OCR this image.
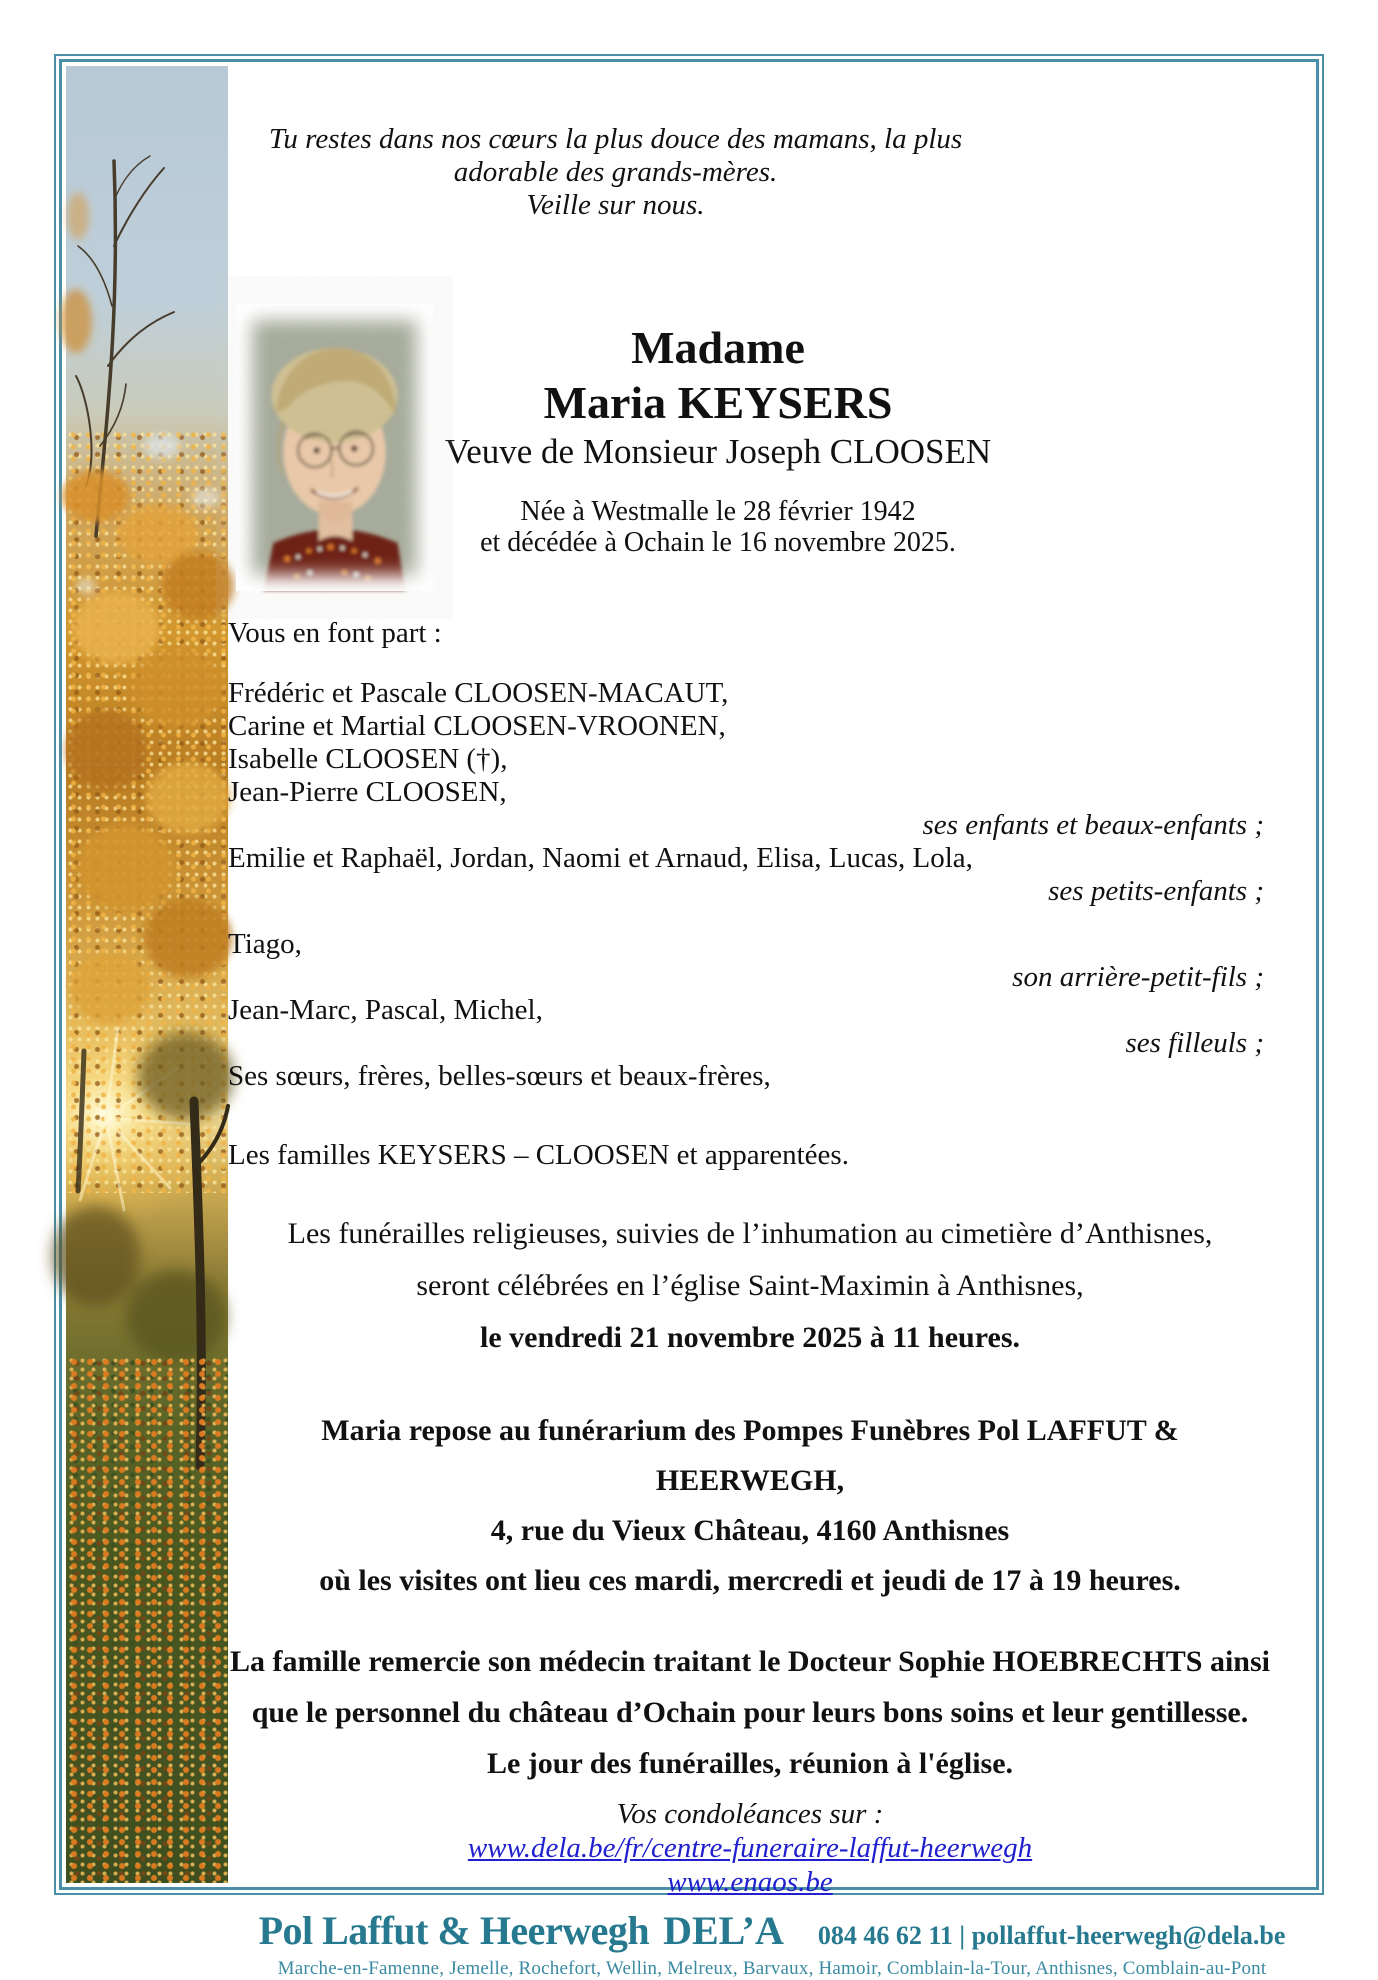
Tu restes dans nos cœurs la plus douce des mamans, la plus adorable des grands-mères.
Veille sur nous.
Madame
Maria KEYSERS
Veuve de Monsieur Joseph CLOOSEN
Née à Westmalle le 28 février 1942
et décédée à Ochain le 16 novembre 2025.
Vous en font part :
Frédéric et Pascale CLOOSEN-MACAUT,
Carine et Martial CLOOSEN-VROONEN,
Isabelle CLOOSEN (†),
Jean-Pierre CLOOSEN,
ses enfants et beaux-enfants ;
Emilie et Raphaël, Jordan, Naomi et Arnaud, Elisa, Lucas, Lola,
ses petits-enfants ;
Tiago,
son arrière-petit-fils ;
Jean-Marc, Pascal, Michel,
ses filleuls ;
Ses sœurs, frères, belles-sœurs et beaux-frères,
Les familles KEYSERS – CLOOSEN et apparentées.
Les funérailles religieuses, suivies de l’inhumation au cimetière d’Anthisnes,
seront célébrées en l’église Saint-Maximin à Anthisnes,
le vendredi 21 novembre 2025 à 11 heures.
Maria repose au funérarium des Pompes Funèbres Pol LAFFUT & HEERWEGH,
4, rue du Vieux Château, 4160 Anthisnes
où les visites ont lieu ces mardi, mercredi et jeudi de 17 à 19 heures.
La famille remercie son médecin traitant le Docteur Sophie HOEBRECHTS ainsi
que le personnel du château d’Ochain pour leurs bons soins et leur gentillesse.
Le jour des funérailles, réunion à l'église.
Vos condoléances sur :
www.dela.be/fr/centre-funeraire-laffut-heerwegh
www.enaos.be
Pol Laffut & Heerwegh DEL’A 084 46 62 11 | pollaffut-heerwegh@dela.be
Marche-en-Famenne, Jemelle, Rochefort, Wellin, Melreux, Barvaux, Hamoir, Comblain-la-Tour, Anthisnes, Comblain-au-Pont
